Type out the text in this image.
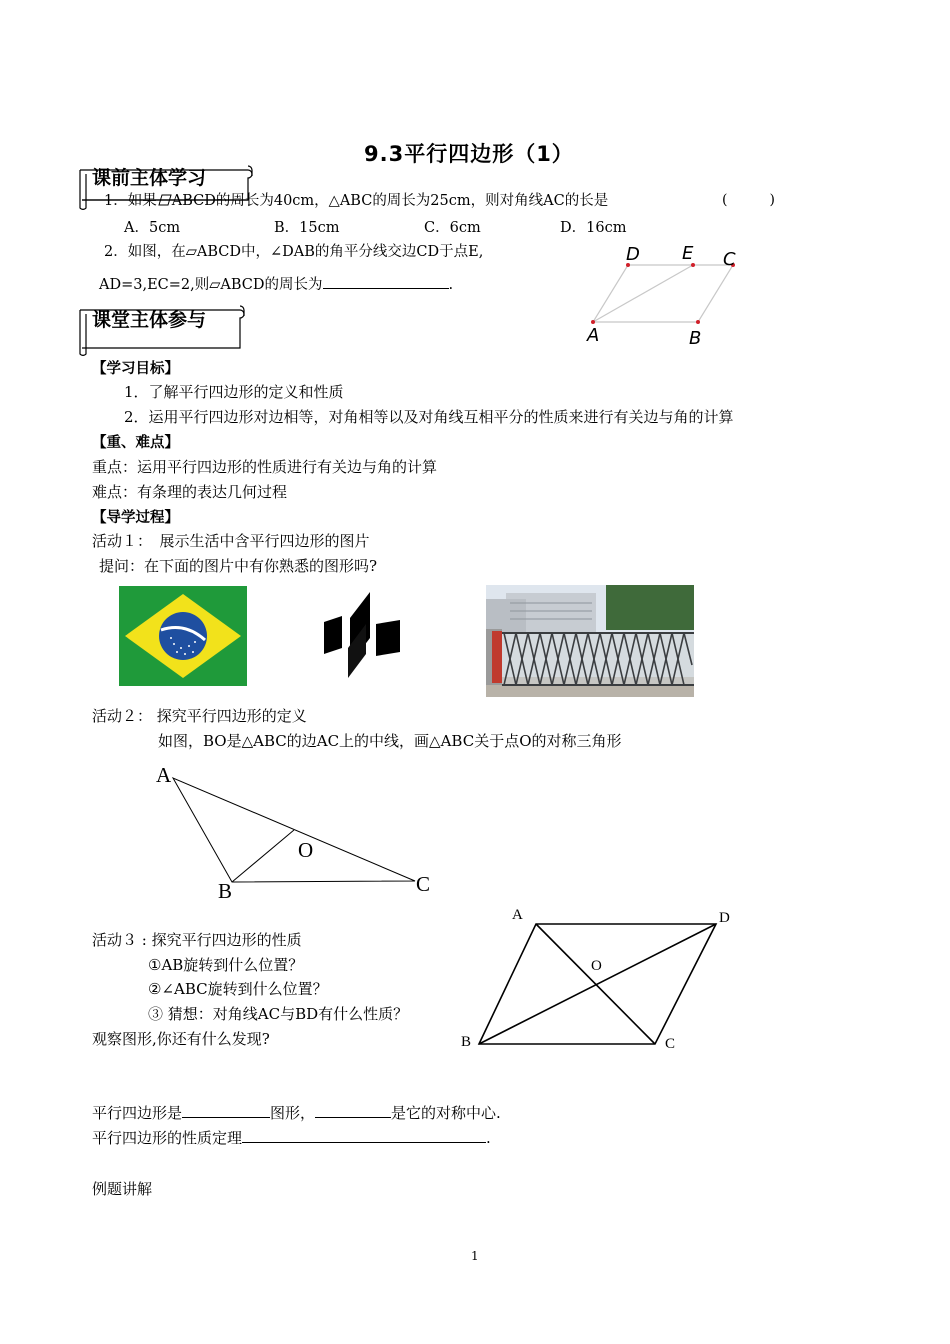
9.3平行四边形（1）
课前主体学习
1．如果 ABCD的周长为40cm，△ABC的周长为25cm，则对角线AC的长是	(　　　)
A．5cm	B．15cm	C．6cm	D．16cm
2．如图，在▱ABCD中，∠DAB的角平分线交边CD于点E,
AD=3,EC=2,则▱ABCD的周长为	.
D E C
A	B
课堂主体参与
【学习目标】
1．了解平行四边形的定义和性质
2．运用平行四边形对边相等，对角相等以及对角线互相平分的性质来进行有关边与角的计算
【重、难点】
重点：运用平行四边形的性质进行有关边与角的计算
难点：有条理的表达几何过程
【导学过程】
活动１：　展示生活中含平行四边形的图片
提问：在下面的图片中有你熟悉的图形吗?
活动２： 探究平行四边形的定义
如图，BO是△ABC的边AC上的中线，画△ABC关于点O的对称三角形
A
B	C
O
活动３ : 探究平行四边形的性质
①AB旋转到什么位置？
②∠ABC旋转到什么位置？
③ 猜想：对角线AC与BD有什么性质？
观察图形,你还有什么发现?
A	D
B	C
O
平行四边形是	图形，	是它的对称中心.
平行四边形的性质定理	.
例题讲解
1
